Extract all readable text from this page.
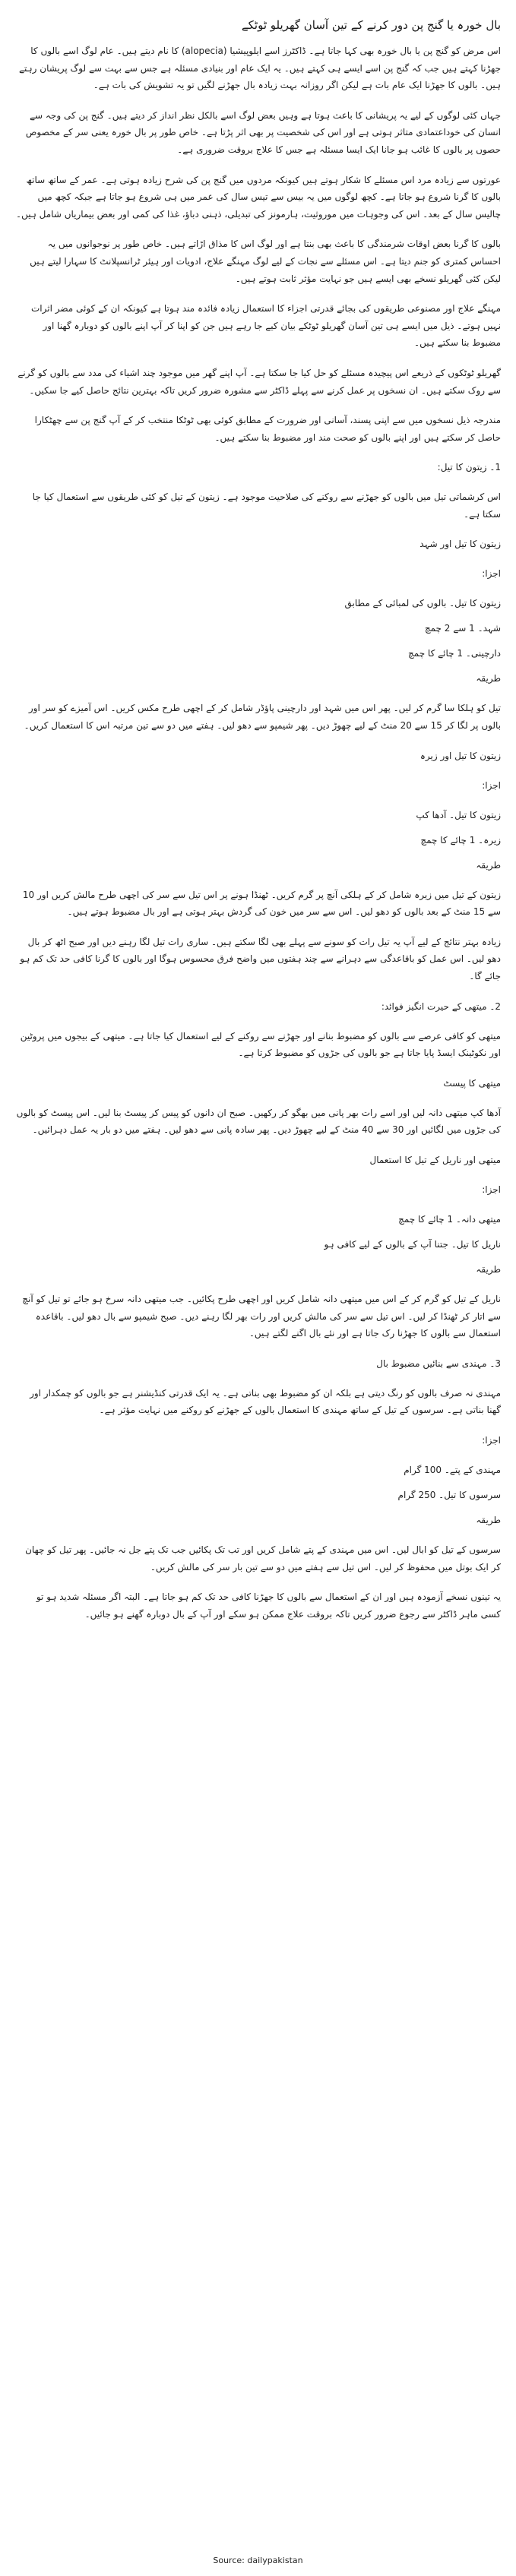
بال خورہ یا گنج پن دور کرنے کے تین آسان گھریلو ٹوٹکے
اس مرض کو گنج پن یا بال خورہ بھی کہا جاتا ہے۔ ڈاکٹرز اسے ایلوپیشیا (alopecia) کا نام دیتے ہیں۔ عام لوگ اسے بالوں کا جھڑنا کہتے ہیں جب کہ گنج پن اسے ایسے ہی کہتے ہیں۔ یہ ایک عام اور بنیادی مسئلہ ہے جس سے بہت سے لوگ پریشان رہتے ہیں۔ بالوں کا جھڑنا ایک عام بات ہے لیکن اگر روزانہ بہت زیادہ بال جھڑنے لگیں تو یہ تشویش کی بات ہے۔
جہاں کئی لوگوں کے لیے یہ پریشانی کا باعث ہوتا ہے وہیں بعض لوگ اسے بالکل نظر انداز کر دیتے ہیں۔ گنج پن کی وجہ سے انسان کی خوداعتمادی متاثر ہوتی ہے اور اس کی شخصیت پر بھی اثر پڑتا ہے۔ خاص طور پر بال خورہ یعنی سر کے مخصوص حصوں پر بالوں کا غائب ہو جانا ایک ایسا مسئلہ ہے جس کا علاج بروقت ضروری ہے۔
عورتوں سے زیادہ مرد اس مسئلے کا شکار ہوتے ہیں کیونکہ مردوں میں گنج پن کی شرح زیادہ ہوتی ہے۔ عمر کے ساتھ ساتھ بالوں کا گرنا شروع ہو جاتا ہے۔ کچھ لوگوں میں یہ بیس سے تیس سال کی عمر میں ہی شروع ہو جاتا ہے جبکہ کچھ میں چالیس سال کے بعد۔ اس کی وجوہات میں موروثیت، ہارمونز کی تبدیلی، ذہنی دباؤ، غذا کی کمی اور بعض بیماریاں شامل ہیں۔
بالوں کا گرنا بعض اوقات شرمندگی کا باعث بھی بنتا ہے اور لوگ اس کا مذاق اڑاتے ہیں۔ خاص طور پر نوجوانوں میں یہ احساس کمتری کو جنم دیتا ہے۔ اس مسئلے سے نجات کے لیے لوگ مہنگے علاج، ادویات اور ہیئر ٹرانسپلانٹ کا سہارا لیتے ہیں لیکن کئی گھریلو نسخے بھی ایسے ہیں جو نہایت مؤثر ثابت ہوتے ہیں۔
مہنگے علاج اور مصنوعی طریقوں کی بجائے قدرتی اجزاء کا استعمال زیادہ فائدہ مند ہوتا ہے کیونکہ ان کے کوئی مضر اثرات نہیں ہوتے۔ ذیل میں ایسے ہی تین آسان گھریلو ٹوٹکے بیان کیے جا رہے ہیں جن کو اپنا کر آپ اپنے بالوں کو دوبارہ گھنا اور مضبوط بنا سکتے ہیں۔
گھریلو ٹوٹکوں کے ذریعے اس پیچیدہ مسئلے کو حل کیا جا سکتا ہے۔ آپ اپنے گھر میں موجود چند اشیاء کی مدد سے بالوں کو گرنے سے روک سکتے ہیں۔ ان نسخوں پر عمل کرنے سے پہلے ڈاکٹر سے مشورہ ضرور کریں تاکہ بہترین نتائج حاصل کیے جا سکیں۔
مندرجہ ذیل نسخوں میں سے اپنی پسند، آسانی اور ضرورت کے مطابق کوئی بھی ٹوٹکا منتخب کر کے آپ گنج پن سے چھٹکارا حاصل کر سکتے ہیں اور اپنے بالوں کو صحت مند اور مضبوط بنا سکتے ہیں۔
1۔ زیتون کا تیل:
اس کرشماتی تیل میں بالوں کو جھڑنے سے روکنے کی صلاحیت موجود ہے۔ زیتون کے تیل کو کئی طریقوں سے استعمال کیا جا سکتا ہے۔
زیتون کا تیل اور شہد
اجزا:
زیتون کا تیل۔ بالوں کی لمبائی کے مطابق
شہد۔ 1 سے 2 چمچ
دارچینی۔ 1 چائے کا چمچ
طریقہ
تیل کو ہلکا سا گرم کر لیں۔ پھر اس میں شہد اور دارچینی پاؤڈر شامل کر کے اچھی طرح مکس کریں۔ اس آمیزے کو سر اور بالوں پر لگا کر 15 سے 20 منٹ کے لیے چھوڑ دیں۔ پھر شیمپو سے دھو لیں۔ ہفتے میں دو سے تین مرتبہ اس کا استعمال کریں۔
زیتون کا تیل اور زیرہ
اجزا:
زیتون کا تیل۔ آدھا کپ
زیرہ۔ 1 چائے کا چمچ
طریقہ
زیتون کے تیل میں زیرہ شامل کر کے ہلکی آنچ پر گرم کریں۔ ٹھنڈا ہونے پر اس تیل سے سر کی اچھی طرح مالش کریں اور 10 سے 15 منٹ کے بعد بالوں کو دھو لیں۔ اس سے سر میں خون کی گردش بہتر ہوتی ہے اور بال مضبوط ہوتے ہیں۔
زیادہ بہتر نتائج کے لیے آپ یہ تیل رات کو سونے سے پہلے بھی لگا سکتے ہیں۔ ساری رات تیل لگا رہنے دیں اور صبح اٹھ کر بال دھو لیں۔ اس عمل کو باقاعدگی سے دہرانے سے چند ہفتوں میں واضح فرق محسوس ہوگا اور بالوں کا گرنا کافی حد تک کم ہو جائے گا۔
2۔ میتھی کے حیرت انگیز فوائد:
میتھی کو کافی عرصے سے بالوں کو مضبوط بنانے اور جھڑنے سے روکنے کے لیے استعمال کیا جاتا ہے۔ میتھی کے بیجوں میں پروٹین اور نکوٹینک ایسڈ پایا جاتا ہے جو بالوں کی جڑوں کو مضبوط کرتا ہے۔
میتھی کا پیسٹ
آدھا کپ میتھی دانہ لیں اور اسے رات بھر پانی میں بھگو کر رکھیں۔ صبح ان دانوں کو پیس کر پیسٹ بنا لیں۔ اس پیسٹ کو بالوں کی جڑوں میں لگائیں اور 30 سے 40 منٹ کے لیے چھوڑ دیں۔ پھر سادہ پانی سے دھو لیں۔ ہفتے میں دو بار یہ عمل دہرائیں۔
میتھی اور ناریل کے تیل کا استعمال
اجزا:
میتھی دانہ۔ 1 چائے کا چمچ
ناریل کا تیل۔ جتنا آپ کے بالوں کے لیے کافی ہو
طریقہ
ناریل کے تیل کو گرم کر کے اس میں میتھی دانہ شامل کریں اور اچھی طرح پکائیں۔ جب میتھی دانہ سرخ ہو جائے تو تیل کو آنچ سے اتار کر ٹھنڈا کر لیں۔ اس تیل سے سر کی مالش کریں اور رات بھر لگا رہنے دیں۔ صبح شیمپو سے بال دھو لیں۔ باقاعدہ استعمال سے بالوں کا جھڑنا رک جاتا ہے اور نئے بال اگنے لگتے ہیں۔
3۔ مہندی سے بنائیں مضبوط بال
مہندی نہ صرف بالوں کو رنگ دیتی ہے بلکہ ان کو مضبوط بھی بناتی ہے۔ یہ ایک قدرتی کنڈیشنر ہے جو بالوں کو چمکدار اور گھنا بناتی ہے۔ سرسوں کے تیل کے ساتھ مہندی کا استعمال بالوں کے جھڑنے کو روکنے میں نہایت مؤثر ہے۔
اجزا:
مہندی کے پتے۔ 100 گرام
سرسوں کا تیل۔ 250 گرام
طریقہ
سرسوں کے تیل کو ابال لیں۔ اس میں مہندی کے پتے شامل کریں اور تب تک پکائیں جب تک پتے جل نہ جائیں۔ پھر تیل کو چھان کر ایک بوتل میں محفوظ کر لیں۔ اس تیل سے ہفتے میں دو سے تین بار سر کی مالش کریں۔
یہ تینوں نسخے آزمودہ ہیں اور ان کے استعمال سے بالوں کا جھڑنا کافی حد تک کم ہو جاتا ہے۔ البتہ اگر مسئلہ شدید ہو تو کسی ماہر ڈاکٹر سے رجوع ضرور کریں تاکہ بروقت علاج ممکن ہو سکے اور آپ کے بال دوبارہ گھنے ہو جائیں۔
Source: dailypakistan
